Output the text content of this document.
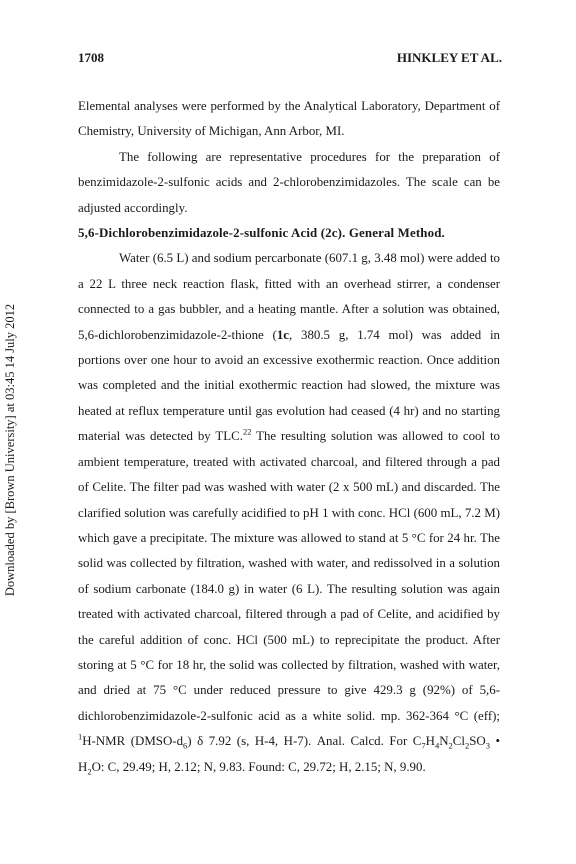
Downloaded by [Brown University] at 03:45 14 July 2012
1708	HINKLEY ET AL.

Elemental analyses were performed by the Analytical Laboratory, Department of Chemistry, University of Michigan, Ann Arbor, MI.

The following are representative procedures for the preparation of benzimidazole-2-sulfonic acids and 2-chlorobenzimidazoles. The scale can be adjusted accordingly.

5,6-Dichlorobenzimidazole-2-sulfonic Acid (2c). General Method.

Water (6.5 L) and sodium percarbonate (607.1 g, 3.48 mol) were added to a 22 L three neck reaction flask, fitted with an overhead stirrer, a condenser connected to a gas bubbler, and a heating mantle. After a solution was obtained, 5,6-dichlorobenzimidazole-2-thione (1c, 380.5 g, 1.74 mol) was added in portions over one hour to avoid an excessive exothermic reaction. Once addition was completed and the initial exothermic reaction had slowed, the mixture was heated at reflux temperature until gas evolution had ceased (4 hr) and no starting material was detected by TLC.$^{22}$ The resulting solution was allowed to cool to ambient temperature, treated with activated charcoal, and filtered through a pad of Celite. The filter pad was washed with water (2 x 500 mL) and discarded. The clarified solution was carefully acidified to pH 1 with conc. HCl (600 mL, 7.2 M) which gave a precipitate. The mixture was allowed to stand at 5 °C for 24 hr. The solid was collected by filtration, washed with water, and redissolved in a solution of sodium carbonate (184.0 g) in water (6 L). The resulting solution was again treated with activated charcoal, filtered through a pad of Celite, and acidified by the careful addition of conc. HCl (500 mL) to reprecipitate the product. After storing at 5 °C for 18 hr, the solid was collected by filtration, washed with water, and dried at 75 °C under reduced pressure to give 429.3 g (92%) of 5,6-dichlorobenzimidazole-2-sulfonic acid as a white solid. mp. 362-364 °C (eff); $^1$H-NMR $(DMSO-d_6)$ δ 7.92 (s, H-4, H-7). Anal. Calcd. For $C_7H_4N_2Cl_2SO_3$ • $H_2O$: C, 29.49; H, 2.12; N, 9.83. Found: C, 29.72; H, 2.15; N, 9.90.
